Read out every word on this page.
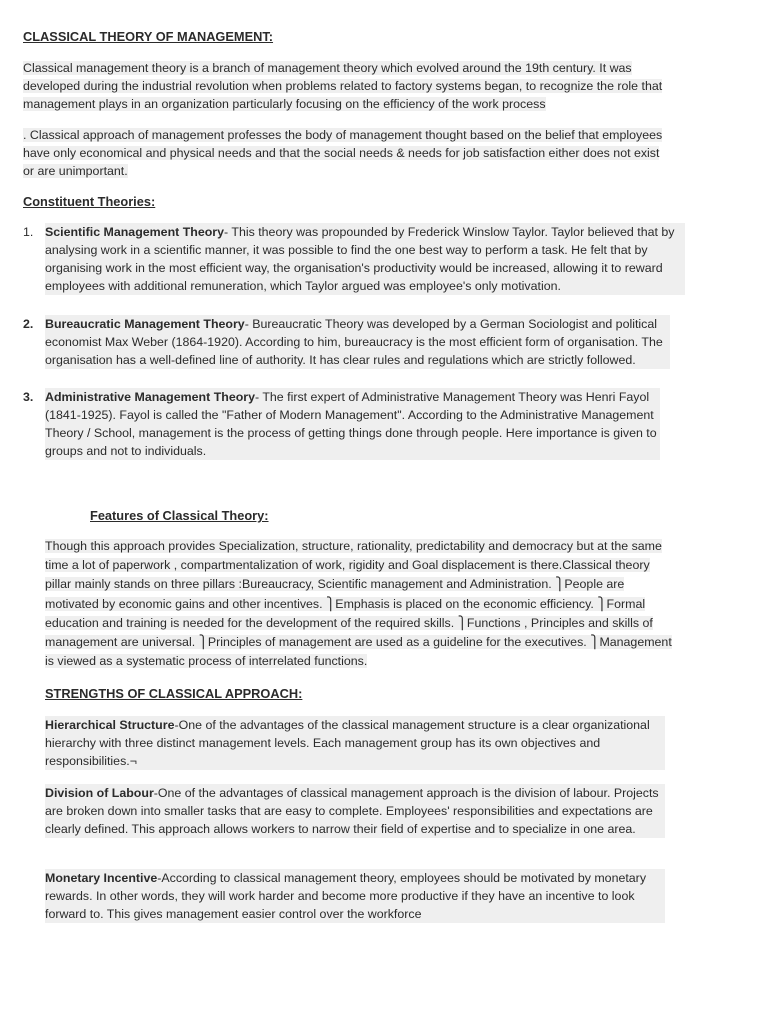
CLASSICAL THEORY OF MANAGEMENT:

Classical management theory is a branch of management theory which evolved around the 19th century. It was developed during the industrial revolution when problems related to factory systems began, to recognize the role that management plays in an organization particularly focusing on the efficiency of the work process

. Classical approach of management professes the body of management thought based on the belief that employees have only economical and physical needs and that the social needs & needs for job satisfaction either does not exist or are unimportant.

Constituent Theories:
1. Scientific Management Theory- This theory was propounded by Frederick Winslow Taylor. Taylor believed that by analysing work in a scientific manner, it was possible to find the one best way to perform a task. He felt that by organising work in the most efficient way, the organisation's productivity would be increased, allowing it to reward employees with additional remuneration, which Taylor argued was employee's only motivation.

2. Bureaucratic Management Theory- Bureaucratic Theory was developed by a German Sociologist and political economist Max Weber (1864-1920). According to him, bureaucracy is the most efficient form of organisation. The organisation has a well-defined line of authority. It has clear rules and regulations which are strictly followed.

3. Administrative Management Theory- The first expert of Administrative Management Theory was Henri Fayol (1841-1925). Fayol is called the "Father of Modern Management". According to the Administrative Management Theory / School, management is the process of getting things done through people. Here importance is given to groups and not to individuals.

Features of Classical Theory:

Though this approach provides Specialization, structure, rationality, predictability and democracy but at the same time a lot of paperwork , compartmentalization of work, rigidity and Goal displacement is there.Classical theory pillar mainly stands on three pillars :Bureaucracy, Scientific management and Administration. ⎫People are motivated by economic gains and other incentives. ⎫Emphasis is placed on the economic efficiency. ⎫Formal education and training is needed for the development of the required skills. ⎫Functions , Principles and skills of management are universal. ⎫Principles of management are used as a guideline for the executives. ⎫Management is viewed as a systematic process of interrelated functions.

STRENGTHS OF CLASSICAL APPROACH:

Hierarchical Structure-One of the advantages of the classical management structure is a clear organizational hierarchy with three distinct management levels. Each management group has its own objectives and responsibilities.¬

Division of Labour-One of the advantages of classical management approach is the division of labour. Projects are broken down into smaller tasks that are easy to complete. Employees' responsibilities and expectations are clearly defined. This approach allows workers to narrow their field of expertise and to specialize in one area.

Monetary Incentive-According to classical management theory, employees should be motivated by monetary rewards. In other words, they will work harder and become more productive if they have an incentive to look forward to. This gives management easier control over the workforce
